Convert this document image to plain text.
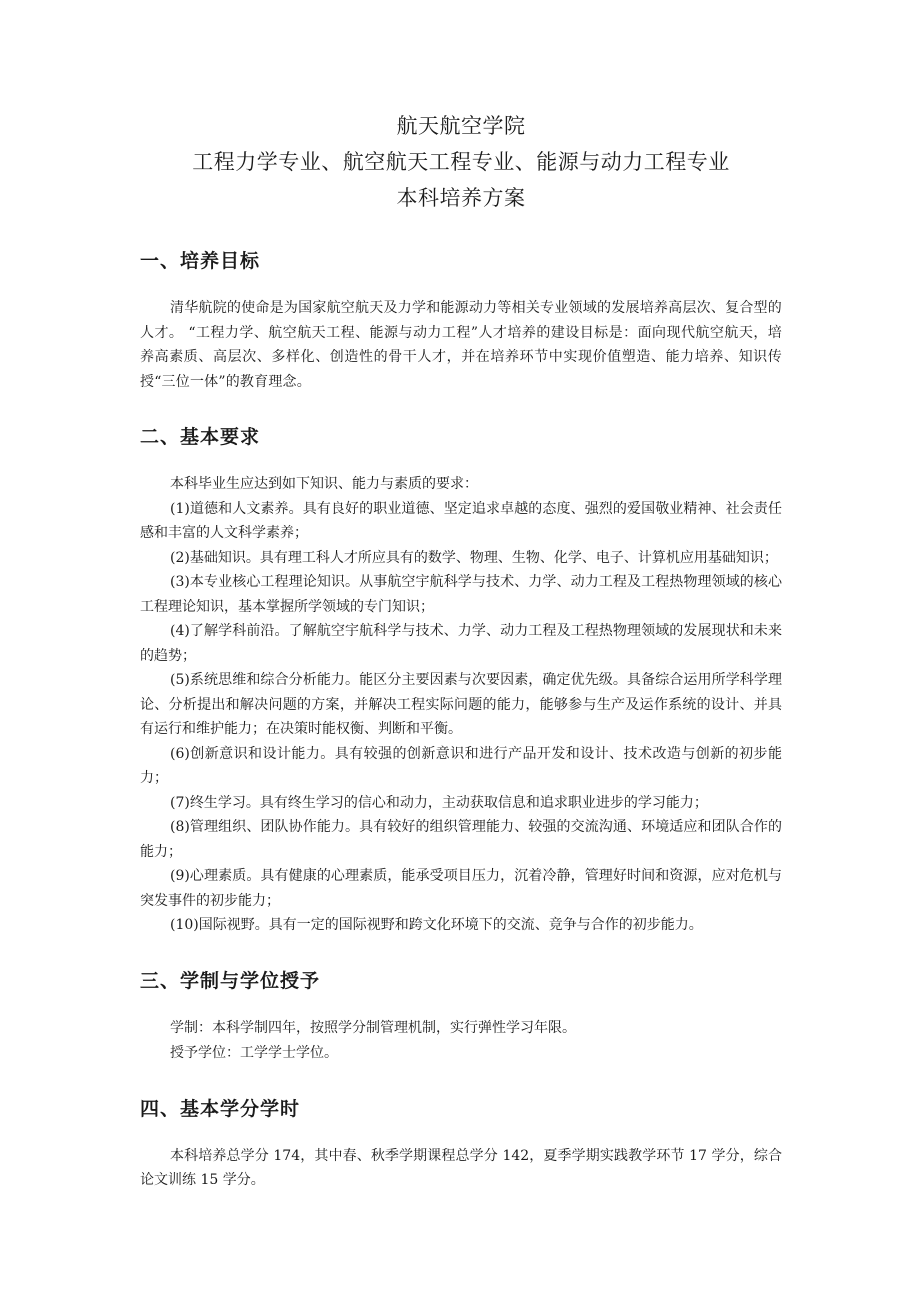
航天航空学院
工程力学专业、航空航天工程专业、能源与动力工程专业
本科培养方案
一、培养目标

清华航院的使命是为国家航空航天及力学和能源动力等相关专业领域的发展培养高层次、复合型的人才。 “工程力学、航空航天工程、能源与动力工程”人才培养的建设目标是：面向现代航空航天，培养高素质、高层次、多样化、创造性的骨干人才，并在培养环节中实现价值塑造、能力培养、知识传授“三位一体”的教育理念。

二、基本要求

本科毕业生应达到如下知识、能力与素质的要求：

(1)道德和人文素养。具有良好的职业道德、坚定追求卓越的态度、强烈的爱国敬业精神、社会责任感和丰富的人文科学素养；

(2)基础知识。具有理工科人才所应具有的数学、物理、生物、化学、电子、计算机应用基础知识；

(3)本专业核心工程理论知识。从事航空宇航科学与技术、力学、动力工程及工程热物理领域的核心工程理论知识，基本掌握所学领域的专门知识；

(4)了解学科前沿。了解航空宇航科学与技术、力学、动力工程及工程热物理领域的发展现状和未来的趋势；

(5)系统思维和综合分析能力。能区分主要因素与次要因素，确定优先级。具备综合运用所学科学理论、分析提出和解决问题的方案，并解决工程实际问题的能力，能够参与生产及运作系统的设计、并具有运行和维护能力；在决策时能权衡、判断和平衡。

(6)创新意识和设计能力。具有较强的创新意识和进行产品开发和设计、技术改造与创新的初步能力；

(7)终生学习。具有终生学习的信心和动力，主动获取信息和追求职业进步的学习能力；

(8)管理组织、团队协作能力。具有较好的组织管理能力、较强的交流沟通、环境适应和团队合作的能力；

(9)心理素质。具有健康的心理素质，能承受项目压力，沉着冷静，管理好时间和资源，应对危机与突发事件的初步能力；

(10)国际视野。具有一定的国际视野和跨文化环境下的交流、竞争与合作的初步能力。

三、学制与学位授予

学制：本科学制四年，按照学分制管理机制，实行弹性学习年限。

授予学位：工学学士学位。

四、基本学分学时

本科培养总学分 174，其中春、秋季学期课程总学分 142，夏季学期实践教学环节 17 学分，综合论文训练 15 学分。
